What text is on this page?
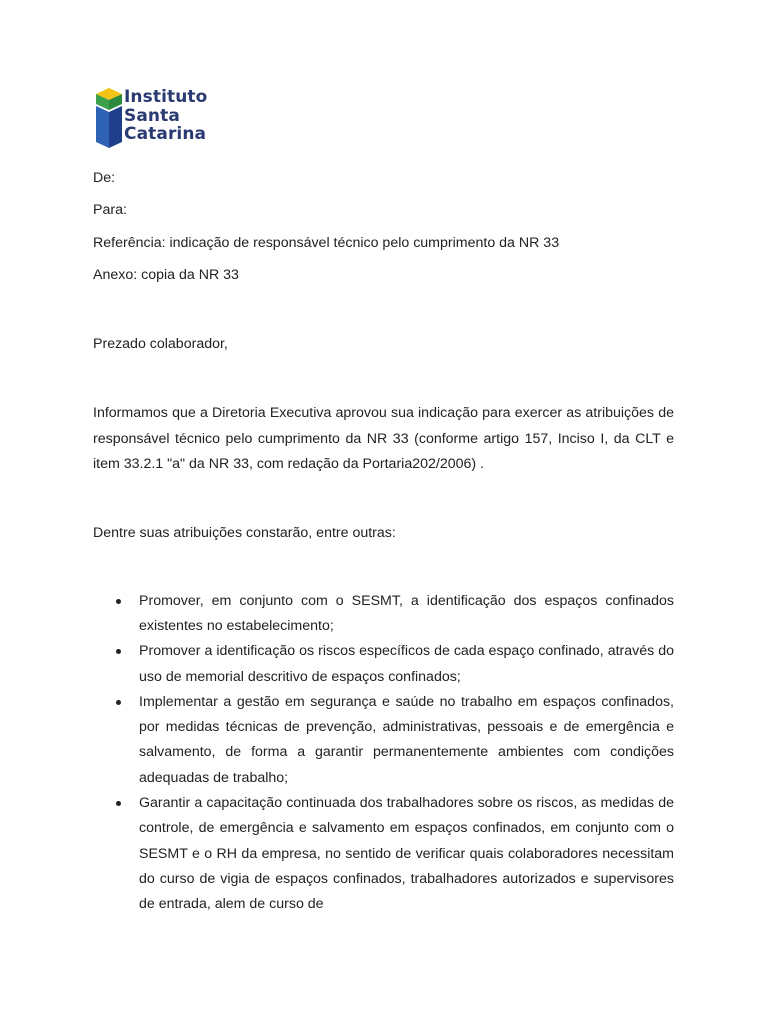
Instituto
Santa
Catarina

De:

Para:

Referência: indicação de responsável técnico pelo cumprimento da NR 33

Anexo: copia da NR 33

Prezado colaborador,

Informamos que a Diretoria Executiva aprovou sua indicação para exercer as atribuições de responsável técnico pelo cumprimento da NR 33 (conforme artigo 157, Inciso I, da CLT e item 33.2.1 "a" da NR 33, com redação da Portaria202/2006) .

Dentre suas atribuições constarão, entre outras:

Promover, em conjunto com o SESMT, a identificação dos espaços confinados existentes no estabelecimento;
Promover a identificação os riscos específicos de cada espaço confinado, através do uso de memorial descritivo de espaços confinados;
Implementar a gestão em segurança e saúde no trabalho em espaços confinados, por medidas técnicas de prevenção, administrativas, pessoais e de emergência e salvamento, de forma a garantir permanentemente ambientes com condições adequadas de trabalho;
Garantir a capacitação continuada dos trabalhadores sobre os riscos, as medidas de controle, de emergência e salvamento em espaços confinados, em conjunto com o SESMT e o RH da empresa, no sentido de verificar quais colaboradores necessitam do curso de vigia de espaços confinados, trabalhadores autorizados e supervisores de entrada, alem de curso de
